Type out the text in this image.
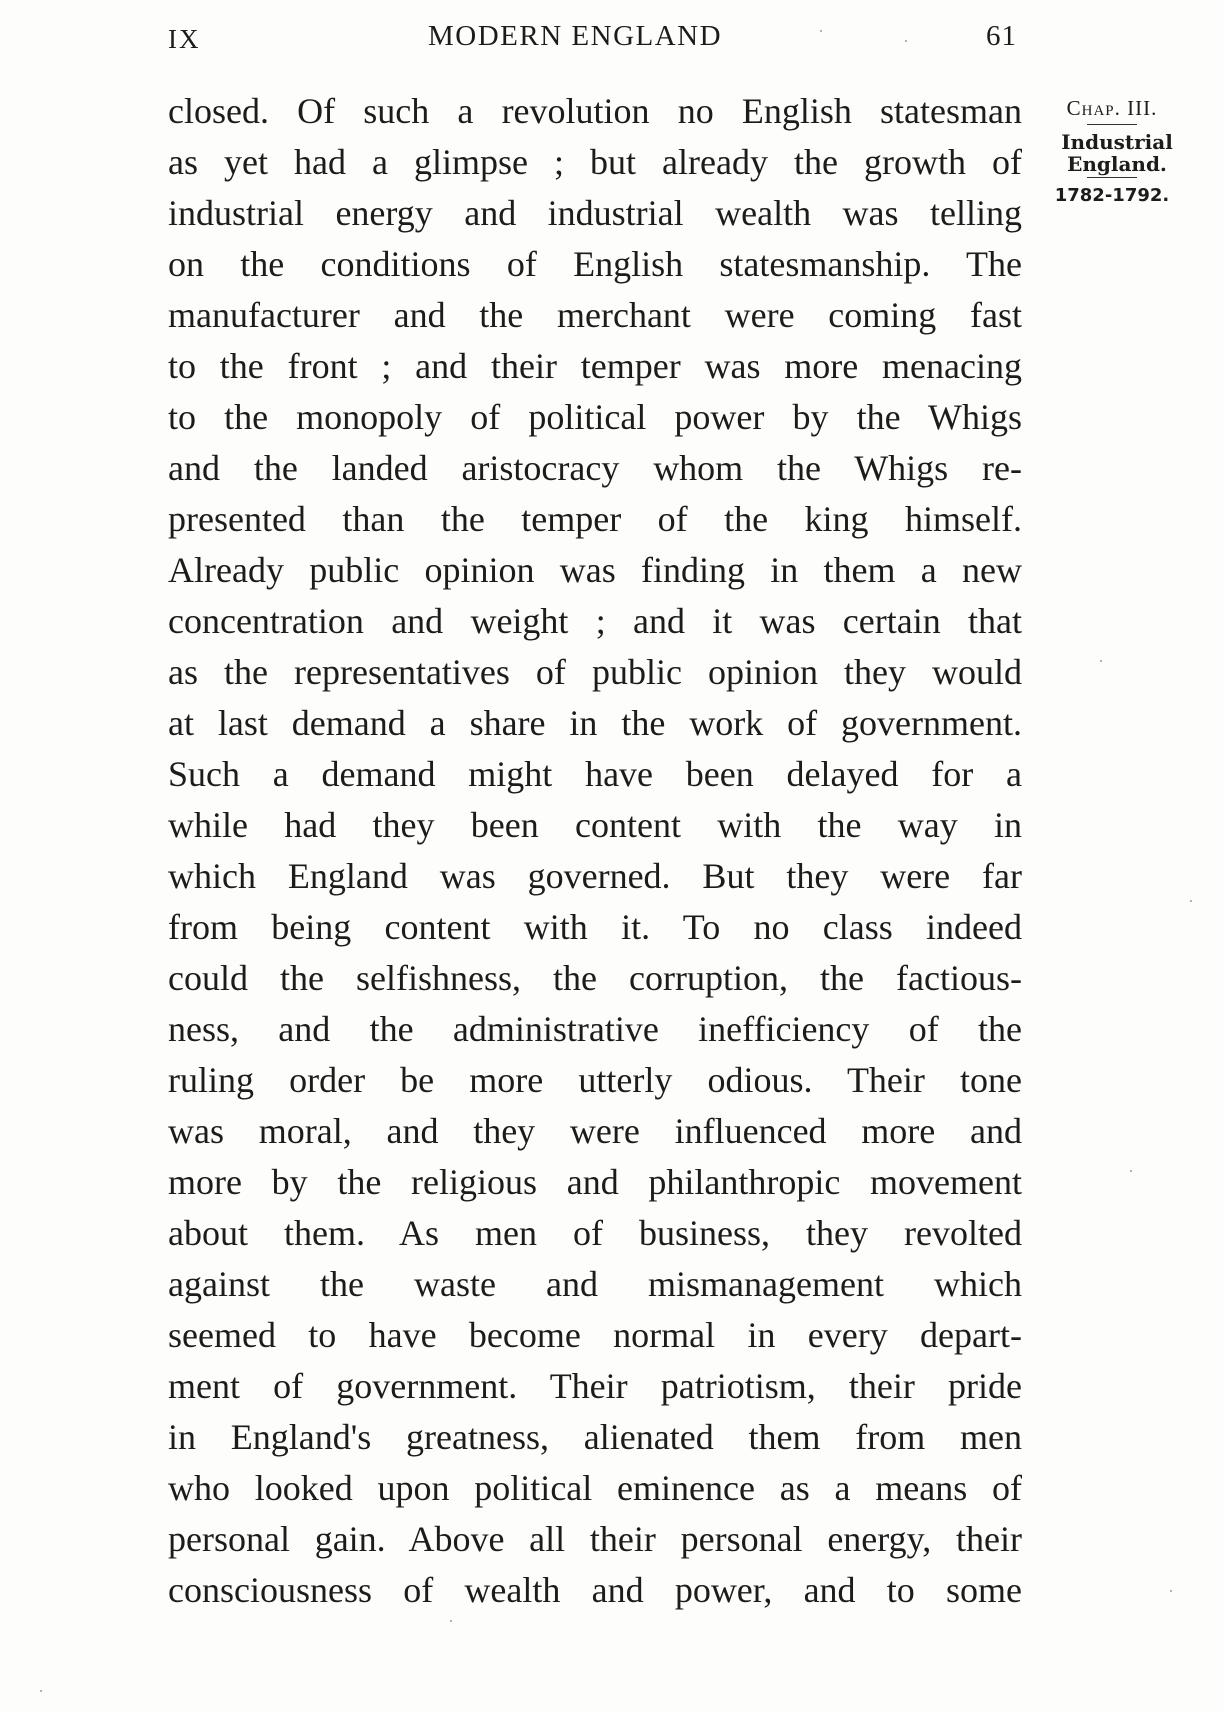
IX	MODERN ENGLAND	61
closed. Of such a revolution no English statesman
as yet had a glimpse ; but already the growth of
industrial energy and industrial wealth was telling
on the conditions of English statesmanship. The
manufacturer and the merchant were coming fast
to the front ; and their temper was more menacing
to the monopoly of political power by the Whigs
and the landed aristocracy whom the Whigs re-
presented than the temper of the king himself.
Already public opinion was finding in them a new
concentration and weight ; and it was certain that
as the representatives of public opinion they would
at last demand a share in the work of government.
Such a demand might have been delayed for a
while had they been content with the way in
which England was governed. But they were far
from being content with it. To no class indeed
could the selfishness, the corruption, the factious-
ness, and the administrative inefficiency of the
ruling order be more utterly odious. Their tone
was moral, and they were influenced more and
more by the religious and philanthropic movement
about them. As men of business, they revolted
against the waste and mismanagement which
seemed to have become normal in every depart-
ment of government. Their patriotism, their pride
in England's greatness, alienated them from men
who looked upon political eminence as a means of
personal gain. Above all their personal energy, their
consciousness of wealth and power, and to some
Chap. III.
Industrial
England.
1782-1792.
